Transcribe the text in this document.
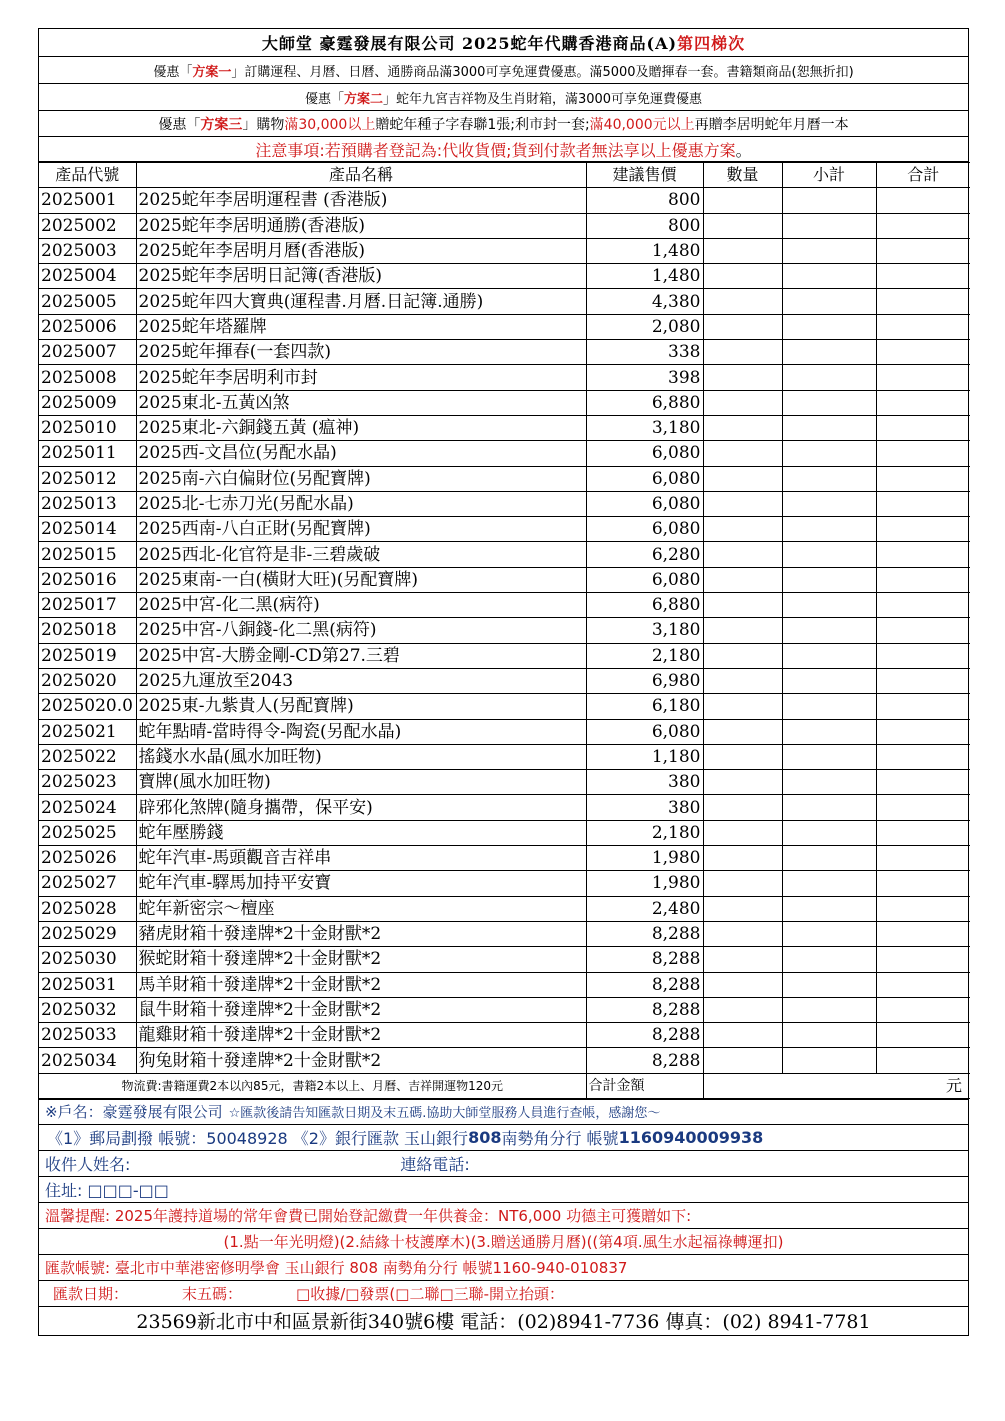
大師堂 豪霆發展有限公司 2025蛇年代購香港商品(A) 第四梯次
優惠「 方案一 」訂購運程、月曆、日曆、通勝商品滿3000可享免運費優惠。滿5000及贈揮春一套。書籍類商品(恕無折扣)
優惠「 方案二 」蛇年九宮吉祥物及生肖財箱，滿3000可享免運費優惠
優惠「 方案三 」購物 滿30,000以上 贈蛇年種子字春聯1張;利市封一套; 滿40,000元以上 再贈李居明蛇年月曆一本
注意事項:若預購者登記為:代收貨價;貨到付款者無法享以上優惠方案 。
產品代號	產品名稱	建議售價	數量	小計	合計
2025001	2025蛇年李居明運程書 (香港版)	800			
2025002	2025蛇年李居明通勝(香港版)	800			
2025003	2025蛇年李居明月曆(香港版)	1,480			
2025004	2025蛇年李居明日記簿(香港版)	1,480			
2025005	2025蛇年四大寶典(運程書.月曆.日記簿.通勝)	4,380			
2025006	2025蛇年塔羅牌	2,080			
2025007	2025蛇年揮春(一套四款)	338			
2025008	2025蛇年李居明利市封	398			
2025009	2025東北-五黃凶煞	6,880			
2025010	2025東北-六銅錢五黃 (瘟神)	3,180			
2025011	2025西-文昌位(另配水晶)	6,080			
2025012	2025南-六白偏財位(另配寶牌)	6,080			
2025013	2025北-七赤刀光(另配水晶)	6,080			
2025014	2025西南-八白正財(另配寶牌)	6,080			
2025015	2025西北-化官符是非-三碧歲破	6,280			
2025016	2025東南-一白(橫財大旺)(另配寶牌)	6,080			
2025017	2025中宮-化二黑(病符)	6,880			
2025018	2025中宮-八銅錢-化二黑(病符)	3,180			
2025019	2025中宮-大勝金剛-CD第27.三碧	2,180			
2025020	2025九運放至2043	6,980			
2025020.0	2025東-九紫貴人(另配寶牌)	6,180			
2025021	蛇年點晴-當時得令-陶瓷(另配水晶)	6,080			
2025022	搖錢水水晶(風水加旺物)	1,180			
2025023	寶牌(風水加旺物)	380			
2025024	辟邪化煞牌(隨身攜帶，保平安)	380			
2025025	蛇年壓勝錢	2,180			
2025026	蛇年汽車-馬頭觀音吉祥串	1,980			
2025027	蛇年汽車-驛馬加持平安寶	1,980			
2025028	蛇年新密宗～檀座	2,480			
2025029	豬虎財箱十發達牌*2十金財獸*2	8,288			
2025030	猴蛇財箱十發達牌*2十金財獸*2	8,288			
2025031	馬羊財箱十發達牌*2十金財獸*2	8,288			
2025032	鼠牛財箱十發達牌*2十金財獸*2	8,288			
2025033	龍雞財箱十發達牌*2十金財獸*2	8,288			
2025034	狗兔財箱十發達牌*2十金財獸*2	8,288			
物流費:書籍運費2本以內85元，書籍2本以上、月曆、吉祥開運物120元		合計金額	元		
※戶名：豪霆發展有限公司 ☆匯款後請告知匯款日期及末五碼.協助大師堂服務人員進行查帳，感謝您～
《1》郵局劃撥 帳號：50048928 《2》銀行匯款 玉山銀行 808 南勢角分行 帳號 1160940009938
收件人姓名:	連絡電話:
住址: □□□-□□
溫馨提醒: 2025年護持道場的常年會費已開始登記繳費一年供養金：NT6,000 功德主可獲贈如下:
(1.點一年光明燈)(2.結緣十枝護摩木)(3.贈送通勝月曆)((第4項.風生水起福祿轉運扣)
匯款帳號: 臺北市中華港密修明學會 玉山銀行 808 南勢角分行 帳號1160-940-010837
匯款日期：	末五碼：	□收據/□發票(□二聯□三聯-開立抬頭：
23569新北市中和區景新街340號6樓 電話：(02)8941-7736 傳真：(02) 8941-7781
